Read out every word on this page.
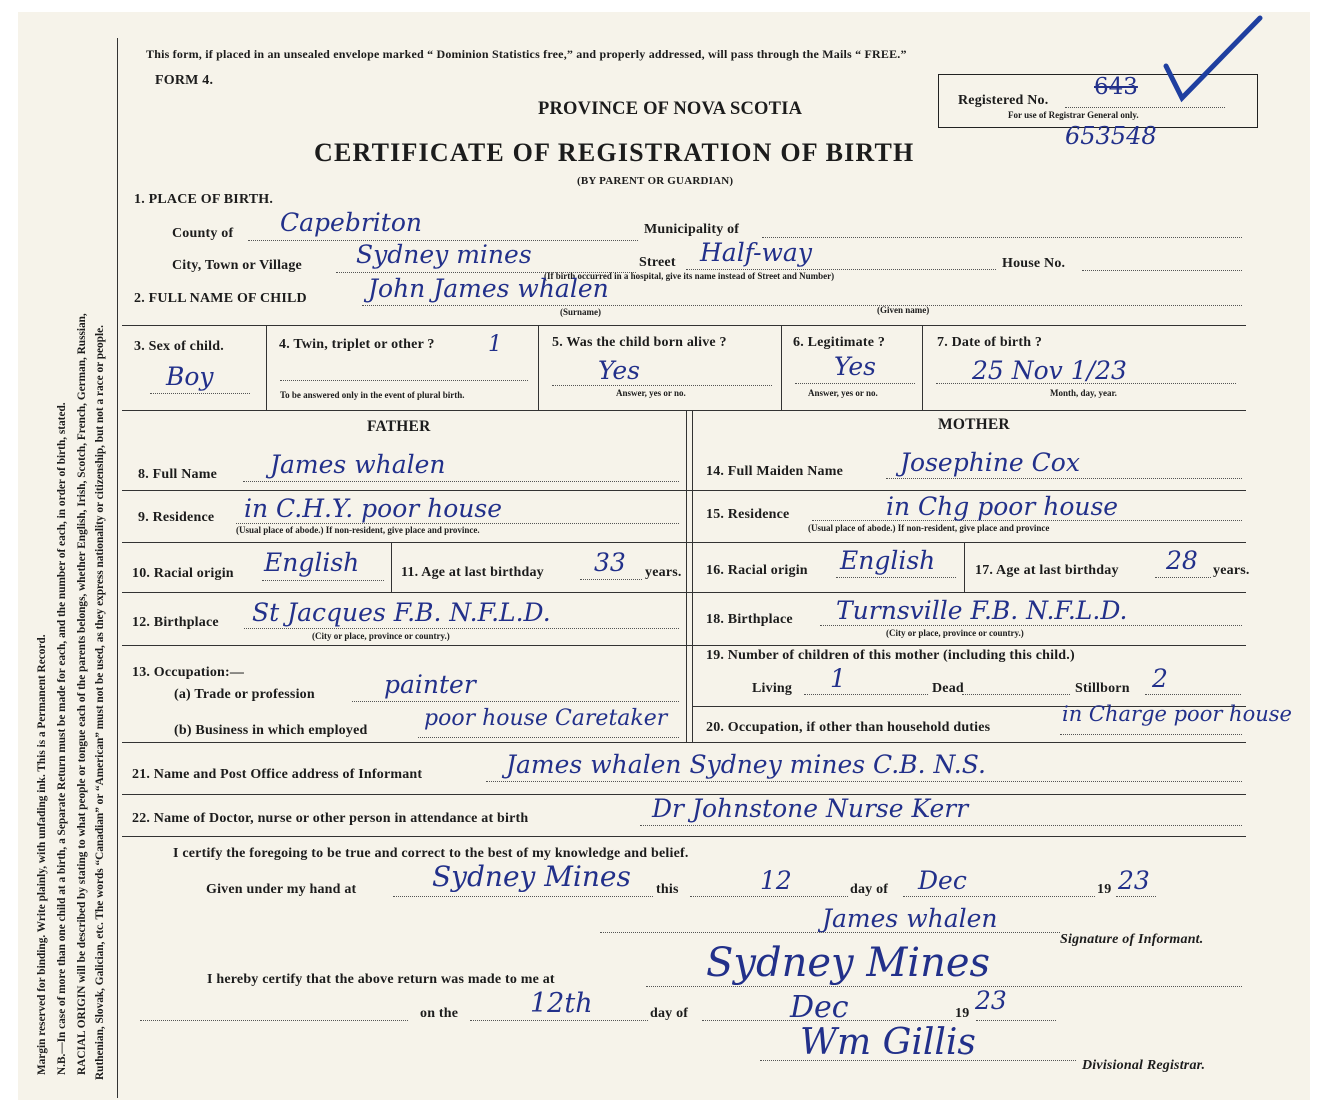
Margin reserved for binding. Write plainly, with unfading ink. This is a Permanent Record. N.B.—In case of more than one child at a birth, a Separate Return must be made for each, and the number of each, in order of birth, stated. RACIAL ORIGIN will be described by stating to what people or tongue each of the parents belongs, whether English, Irish, Scotch, French, German, Russian, Ruthenian, Slovak, Galician, etc. The words “Canadian” or “American” must not be used, as they express nationality or citizenship, but not a race or people.
This form, if placed in an unsealed envelope marked “ Dominion Statistics free,” and properly addressed, will pass through the Mails “ FREE.”
FORM 4.
PROVINCE OF NOVA SCOTIA
CERTIFICATE OF REGISTRATION OF BIRTH
(BY PARENT OR GUARDIAN)
Registered No.
643
For use of Registrar General only.
653548
1. PLACE OF BIRTH.
County of Capebriton	Municipality of
City, Town or Village Sydney mines	Street Half-way	House No.
(If birth occurred in a hospital, give its name instead of Street and Number)
2. FULL NAME OF CHILD John James whalen
(Surname)	(Given name)
3. Sex of child.
Boy
4. Twin, triplet or other ? 1
To be answered only in the event of plural birth.
5. Was the child born alive ?
Yes
Answer, yes or no.
6. Legitimate ?
Yes
Answer, yes or no.
7. Date of birth ?
25 Nov 1/23
Month, day, year.
FATHER	MOTHER
8. Full Name James whalen	14. Full Maiden Name Josephine Cox
9. Residence in C.H.Y. poor house
(Usual place of abode.) If non-resident, give place and province.
15. Residence	in Chg poor house
(Usual place of abode.) If non-resident, give place and province
10. Racial origin English	11. Age at last birthday 33 years. 16. Racial origin English	17. Age at last birthday 28 years.
12. Birthplace St Jacques F.B. N.F.L.D.
(City or place, province or country.)
18. Birthplace Turnsville F.B. N.F.L.D.
(City or place, province or country.)
13. Occupation:—
(a) Trade or profession	painter
19. Number of children of this mother (including this child.)
Living 1	Dead	Stillborn 2
(b) Business in which employed	poor house Caretaker	20. Occupation, if other than household duties
in Charge poor house
21. Name and Post Office address of Informant	James whalen Sydney mines C.B. N.S.
22. Name of Doctor, nurse or other person in attendance at birth	Dr Johnstone Nurse Kerr
I certify the foregoing to be true and correct to the best of my knowledge and belief.
Given under my hand at	Sydney Mines this	12	day of Dec	19 23
James whalen
Signature of Informant.
I hereby certify that the above return was made to me at	Sydney Mines
on the	12th	day of	Dec	19 23
Wm Gillis
Divisional Registrar.
